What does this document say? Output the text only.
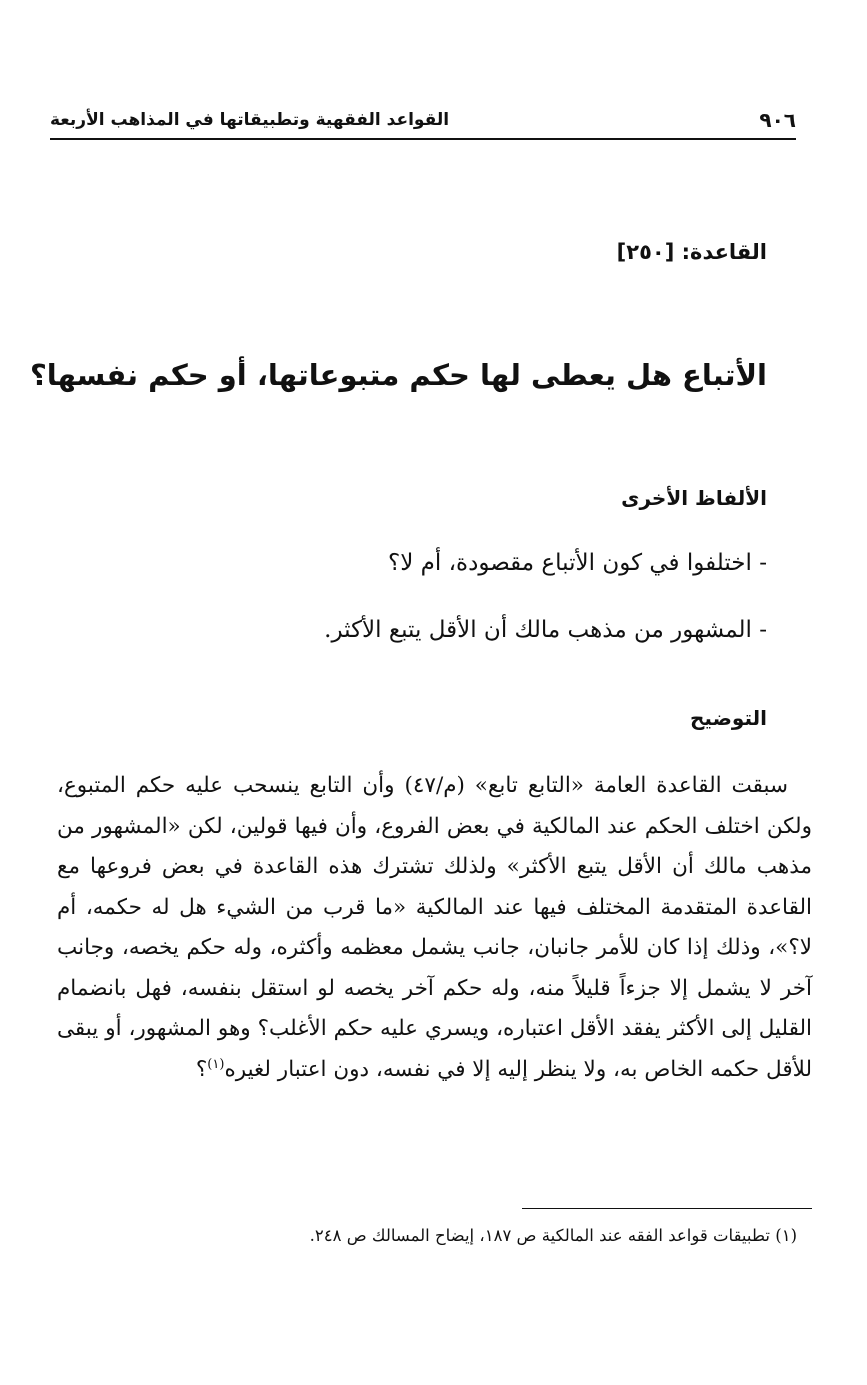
٩٠٦
القواعد الفقهية وتطبيقاتها في المذاهب الأربعة
القاعدة: [٢٥٠]
الأتباع هل يعطى لها حكم متبوعاتها، أو حكم نفسها؟
الألفاظ الأخرى
- اختلفوا في كون الأتباع مقصودة، أم لا؟
- المشهور من مذهب مالك أن الأقل يتبع الأكثر.
التوضيح

سبقت القاعدة العامة «التابع تابع» (م/٤٧) وأن التابع ينسحب عليه حكم المتبوع، ولكن اختلف الحكم عند المالكية في بعض الفروع، وأن فيها قولين، لكن «المشهور من مذهب مالك أن الأقل يتبع الأكثر» ولذلك تشترك هذه القاعدة في بعض فروعها مع القاعدة المتقدمة المختلف فيها عند المالكية «ما قرب من الشيء هل له حكمه، أم لا؟»، وذلك إذا كان للأمر جانبان، جانب يشمل معظمه وأكثره، وله حكم يخصه، وجانب آخر لا يشمل إلا جزءاً قليلاً منه، وله حكم آخر يخصه لو استقل بنفسه، فهل بانضمام القليل إلى الأكثر يفقد الأقل اعتباره، ويسري عليه حكم الأغلب؟ وهو المشهور، أو يبقى للأقل حكمه الخاص به، ولا ينظر إليه إلا في نفسه، دون اعتبار لغيره$^{(١)}$؟

(١) تطبيقات قواعد الفقه عند المالكية ص ١٨٧، إيضاح المسالك ص ٢٤٨.
